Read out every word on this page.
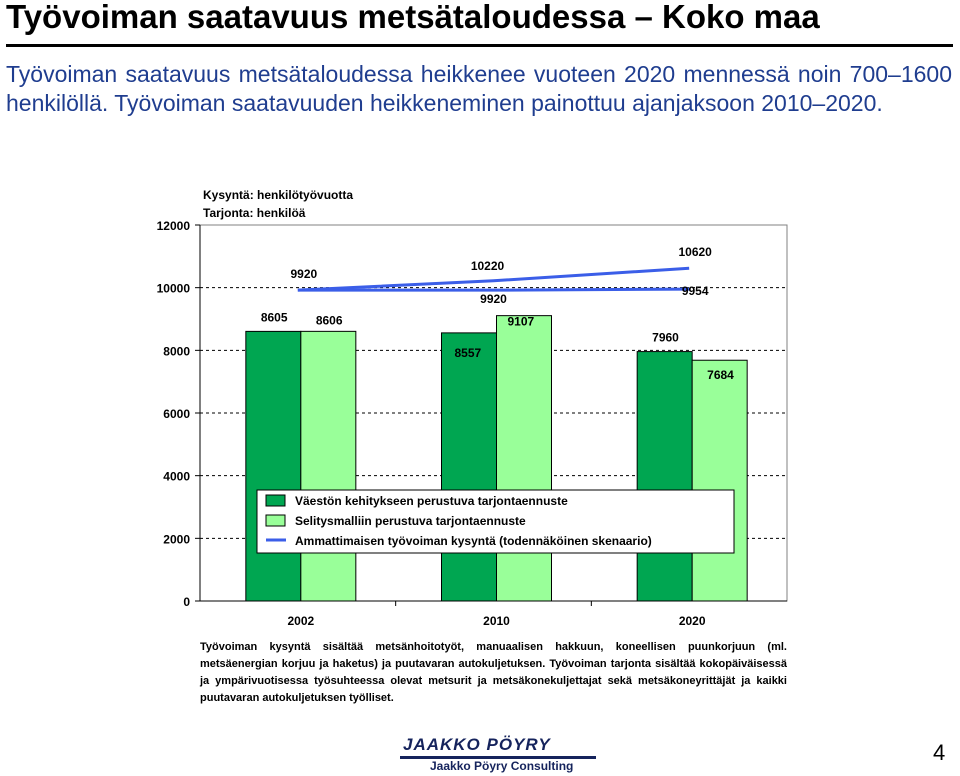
Työvoiman saatavuus metsätaloudessa – Koko maa

Työvoiman saatavuus metsätaloudessa heikkenee vuoteen 2020 mennessä noin 700–1600 henkilöllä. Työvoiman saatavuuden heikkeneminen painottuu ajanjaksoon 2010–2020.

0
2000
4000
6000
8000
10000
12000
8605 8606
8557
9107
7960
7684
9920
10220
10620
9920
9954
Kysyntä: henkilötyövuotta
Tarjonta: henkilöä
Väestön kehitykseen perustuva tarjontaennuste
Selitysmalliin perustuva tarjontaennuste
Ammattimaisen työvoiman kysyntä (todennäköinen skenaario)
2002	2010	2020

Työvoiman kysyntä sisältää metsänhoitotyöt, manuaalisen hakkuun, koneellisen puunkorjuun (ml. metsäenergian korjuu ja haketus) ja puutavaran autokuljetuksen. Työvoiman tarjonta sisältää kokopäiväisessä ja ympärivuotisessa työsuhteessa olevat metsurit ja metsäkonekuljettajat sekä metsäkoneyrittäjät ja kaikki puutavaran autokuljetuksen työlliset.

JAAKKO PÖYRY
Jaakko Pöyry Consulting
4
